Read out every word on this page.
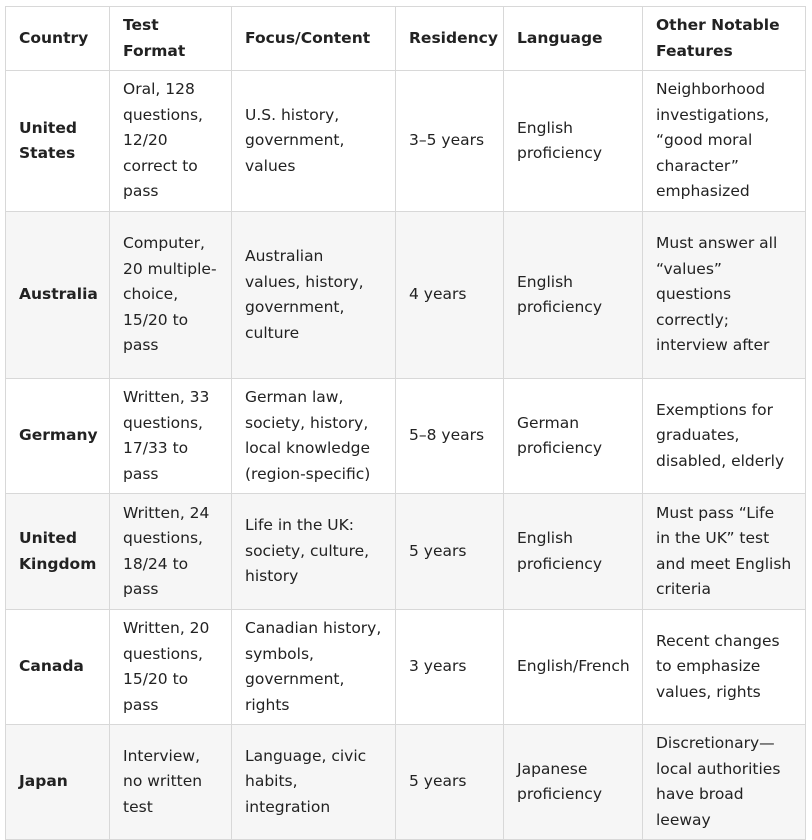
Country	Test Format	Focus/Content	Residency	Language	Other Notable Features
United States	Oral, 128 questions, 12/20 correct to pass	U.S. history, government, values	3–5 years	English proficiency	Neighborhood investigations, “good moral character” emphasized
Australia	Computer, 20 multiple-choice, 15/20 to pass	Australian values, history, government, culture	4 years	English proficiency	Must answer all “values” questions correctly; interview after
Germany	Written, 33 questions, 17/33 to pass	German law, society, history, local knowledge (region-specific)	5–8 years	German proficiency	Exemptions for graduates, disabled, elderly
United Kingdom	Written, 24 questions, 18/24 to pass	Life in the UK: society, culture, history	5 years	English proficiency	Must pass “Life in the UK” test and meet English criteria
Canada	Written, 20 questions, 15/20 to pass	Canadian history, symbols, government, rights	3 years	English/French	Recent changes to emphasize values, rights
Japan	Interview, no written test	Language, civic habits, integration	5 years	Japanese proficiency	Discretionary—local authorities have broad leeway
